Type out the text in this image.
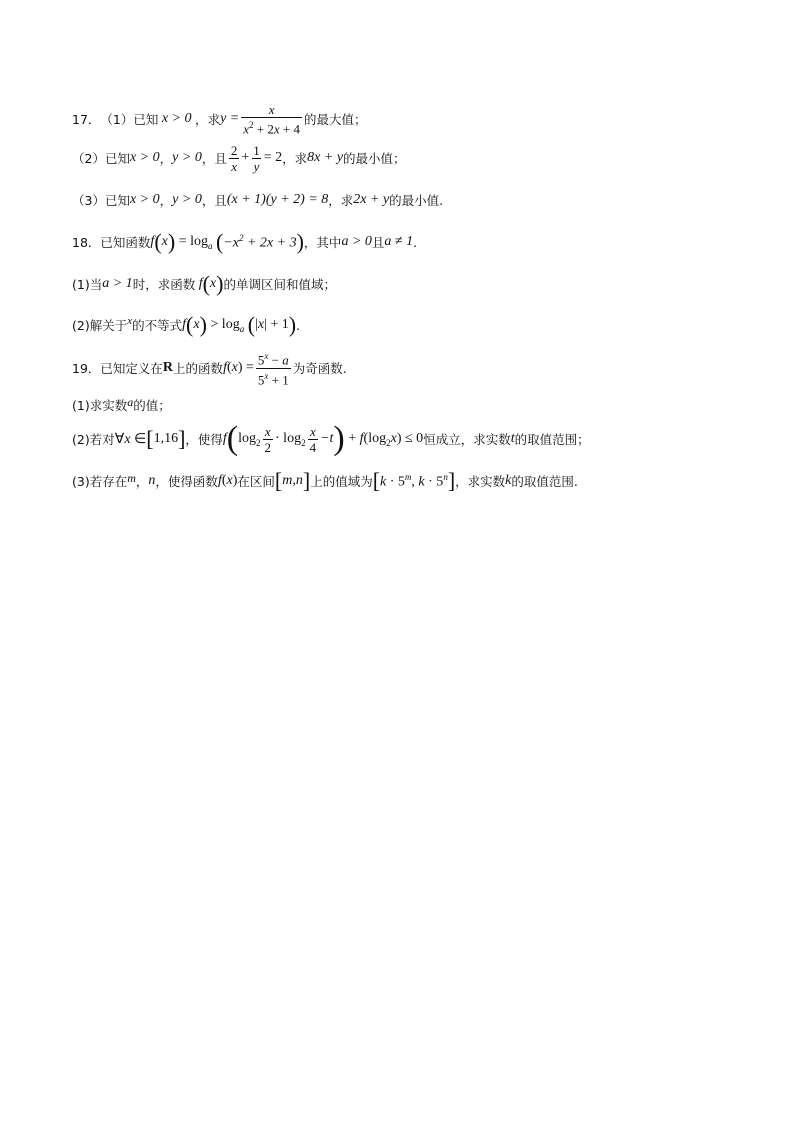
17． （1） 已知 x > 0 ，求 $y = \frac{x}{x^2 + 2x + 4}$ 的最大值；
（2） 已知 x > 0 ， y > 0 ，且 $\frac{2}{x} + \frac{1}{y} = 2$ ，求 8x + y 的最小值；
（3） 已知 x > 0 ， y > 0 ，且 (x + 1)(y + 2) = 8 ，求 2x + y 的最小值.
18． 已知函数 f ( x ) = $\log_a$ ( $-x^2 + 2x + 3$ ) ，其中 a > 0 且 a ≠ 1 .
(1) 当 a > 1 时，求函数 f ( x ) 的单调区间和值域；
(2) 解关于 x 的不等式 f ( x ) > $\log_a$ ( |x| + 1 ) .
19． 已知定义在 R 上的函数 f ( x ) = $\frac{5^x - a}{5^x + 1}$ 为奇函数.
(1) 求实数 a 的值；
(2) 若对 ∀x ∈ [ 1,16 ] ，使得 f ( $\log_2 \frac{x}{2} \cdot \log_2 \frac{x}{4} -t$ ) + f $(\log_2x) \le 0$ 恒成立，求实数 t 的取值范围；
(3) 若存在 m ， n ，使得函数 f ( x ) 在区间 [ m,n ] 上的值域为 [ $k \cdot 5^m$, $k \cdot 5^n$ ] ，求实数 k 的取值范围.
